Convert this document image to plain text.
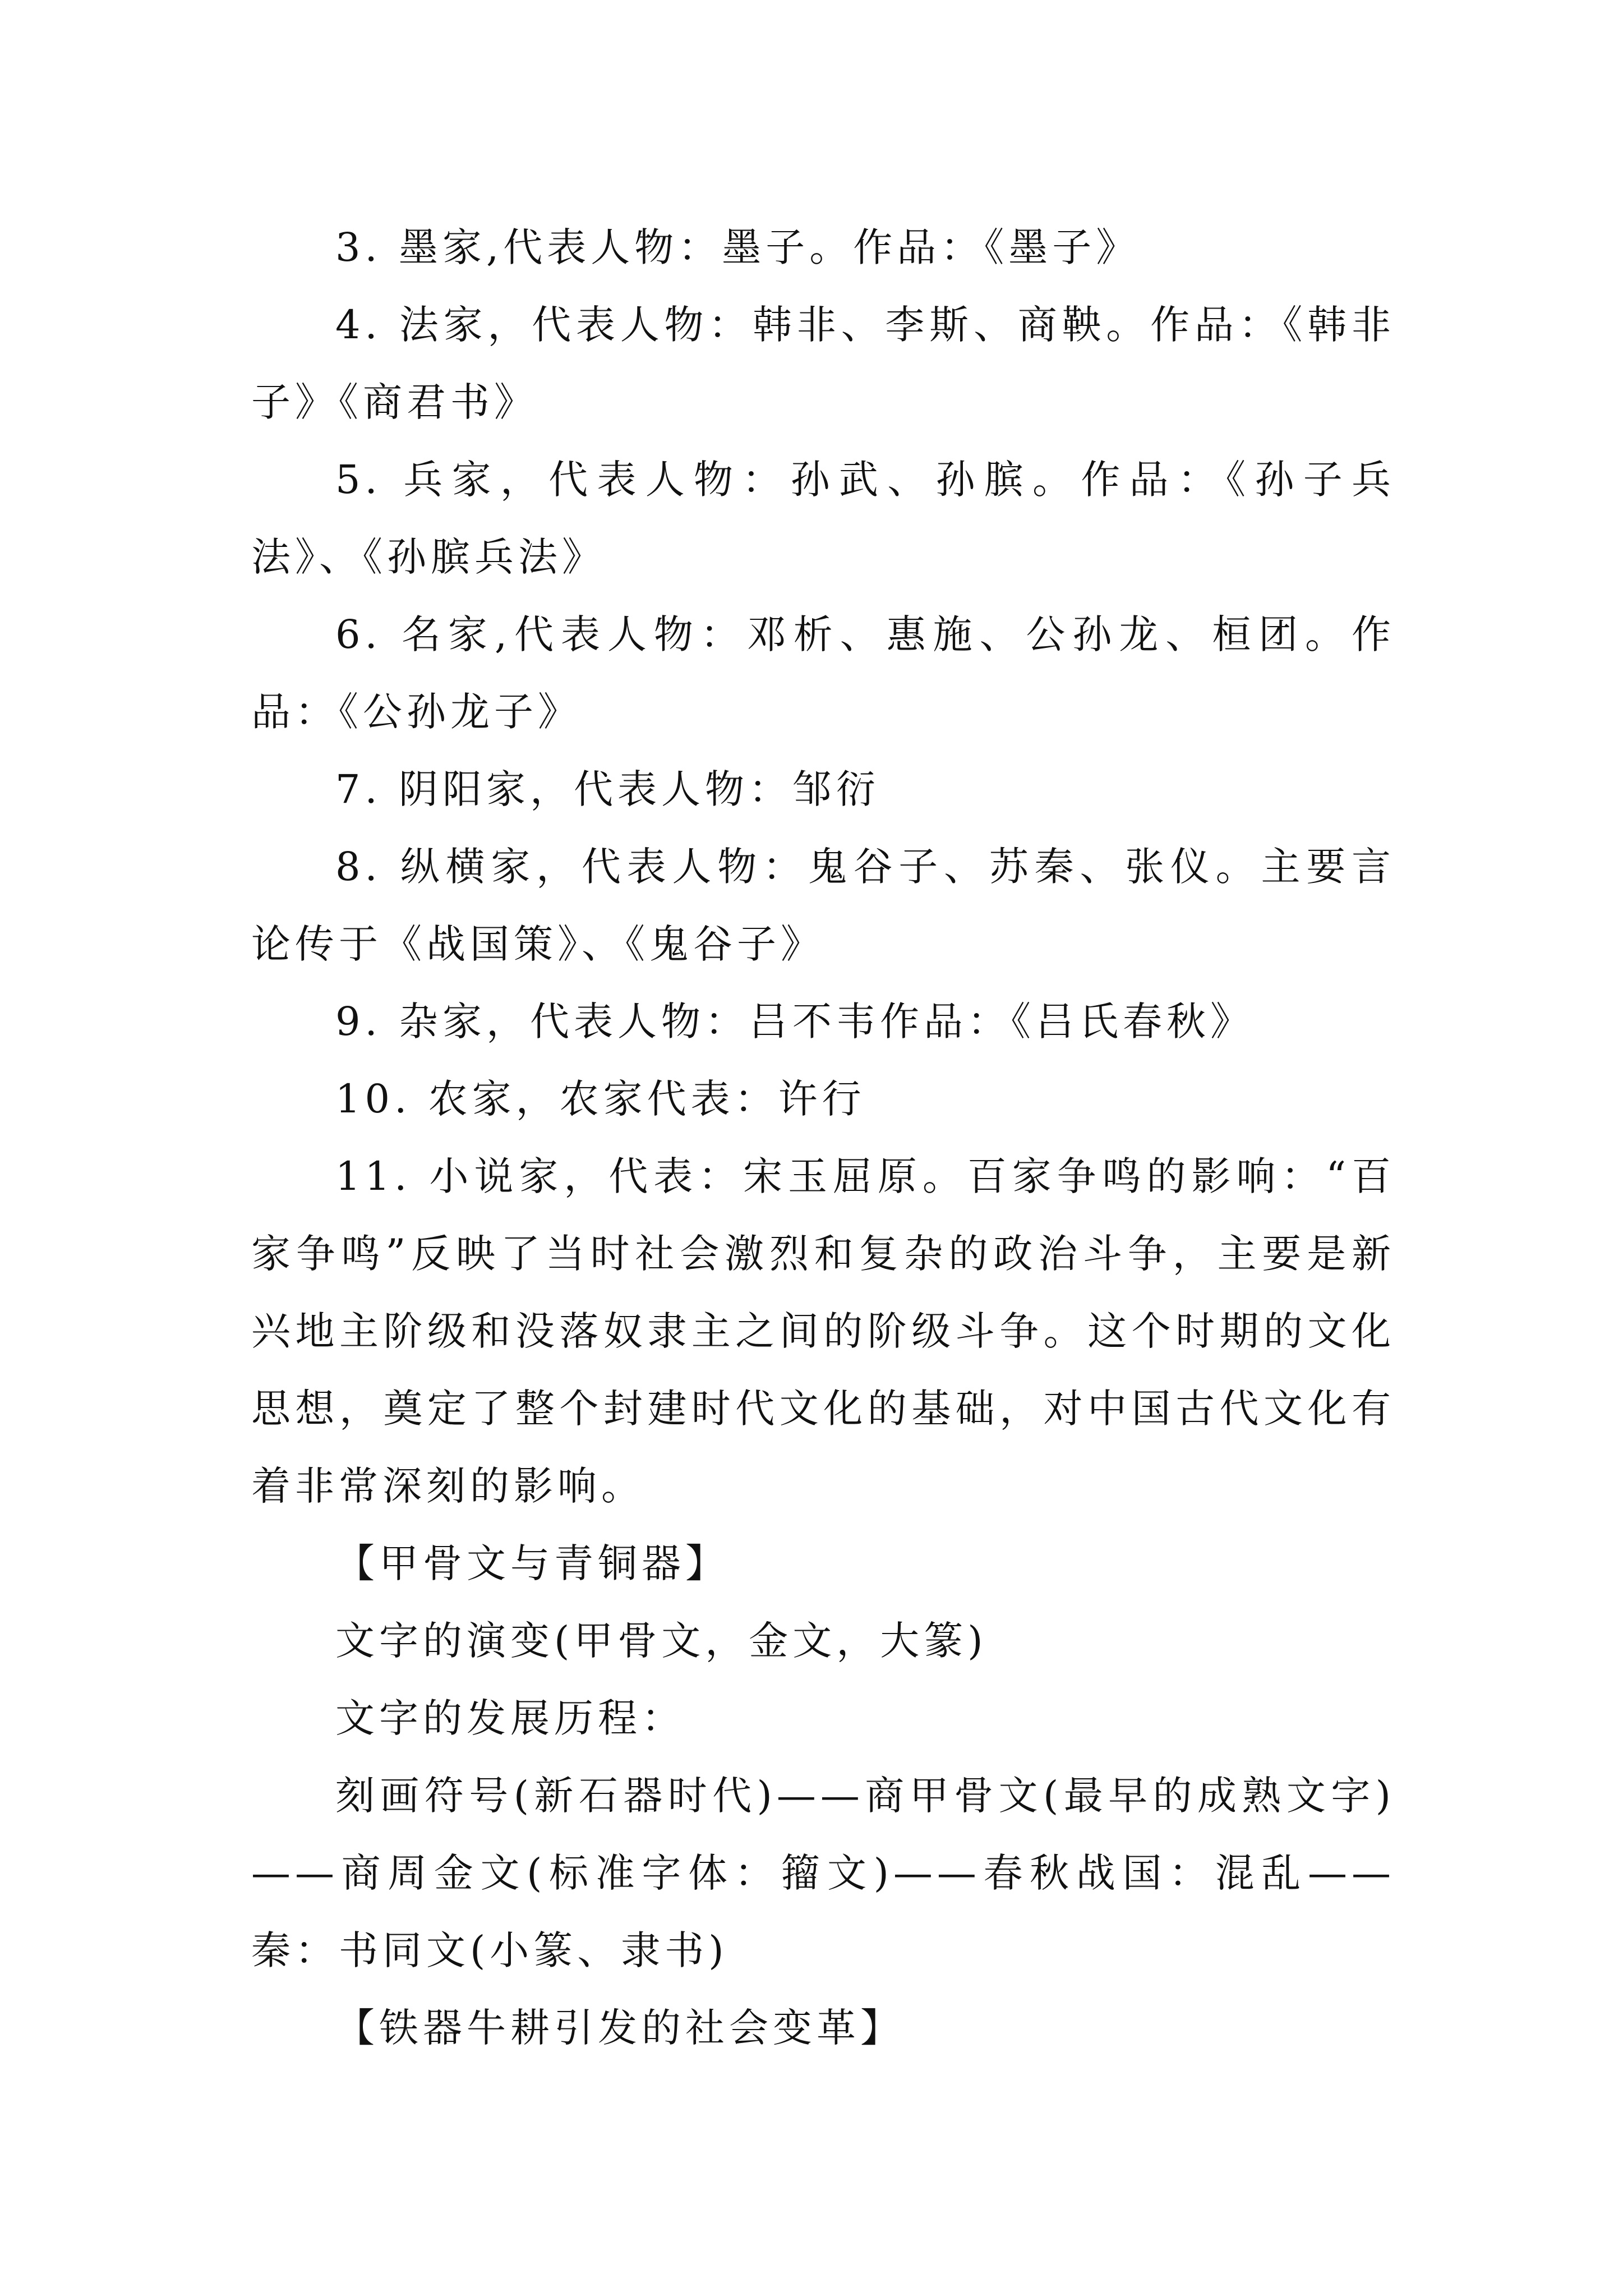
3. 墨家,代表人物：墨子。作品：《墨子》

4. 法家，代表人物：韩非、李斯、商鞅。作品：《韩非子》《商君书》

5. 兵家，代表人物：孙武、孙膑。作品：《孙子兵法》、《孙膑兵法》

6. 名家,代表人物：邓析、惠施、公孙龙、桓团。作品：《公孙龙子》

7. 阴阳家，代表人物：邹衍

8. 纵横家，代表人物：鬼谷子、苏秦、张仪。主要言论传于《战国策》、《鬼谷子》

9. 杂家，代表人物：吕不韦作品：《吕氏春秋》

10. 农家，农家代表：许行

11. 小说家，代表：宋玉屈原。百家争鸣的影响：“百家争鸣”反映了当时社会激烈和复杂的政治斗争，主要是新兴地主阶级和没落奴隶主之间的阶级斗争。这个时期的文化思想，奠定了整个封建时代文化的基础，对中国古代文化有着非常深刻的影响。

【甲骨文与青铜器】

文字的演变(甲骨文，金文，大篆)

文字的发展历程：

刻画符号(新石器时代)——商甲骨文(最早的成熟文字)——商周金文(标准字体：籀文)——春秋战国：混乱——秦：书同文(小篆、隶书)

【铁器牛耕引发的社会变革】
